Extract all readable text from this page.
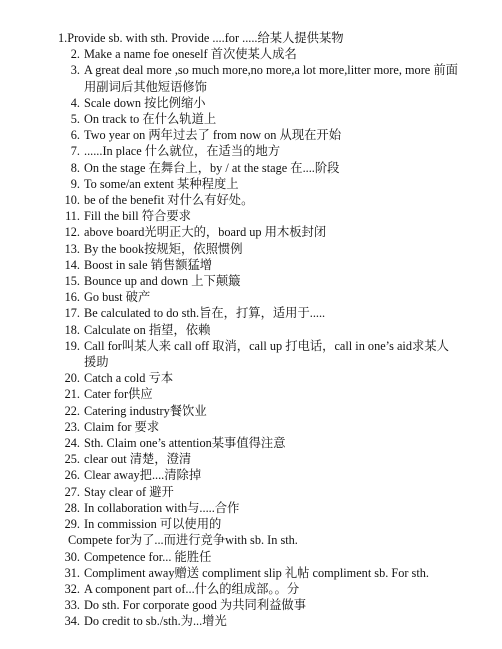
1.Provide sb. with sth. Provide ....for .....给某人提供某物
2. Make a name foe oneself 首次使某人成名
3. A great deal more ,so much more,no more,a lot more,litter more, more 前面用副词后其他短语修饰
4. Scale down 按比例缩小
5. On track to 在什么轨道上
6. Two year on 两年过去了 from now on 从现在开始
7. ......In place 什么就位，在适当的地方
8. On the stage 在舞台上，by / at the stage 在....阶段
9. To some/an extent 某种程度上
10. be of the benefit 对什么有好处。
11. Fill the bill 符合要求
12. above board光明正大的，board up 用木板封闭
13. By the book按规矩，依照惯例
14. Boost in sale 销售额猛增
15. Bounce up and down 上下颠簸
16. Go bust 破产
17. Be calculated to do sth.旨在，打算，适用于.....
18. Calculate on 指望，依赖
19. Call for叫某人来 call off 取消，call up 打电话，call in one’s aid求某人援助
20. Catch a cold 亏本
21. Cater for供应
22. Catering industry餐饮业
23. Claim for 要求
24. Sth. Claim one’s attention某事值得注意
25. clear out 清楚，澄清
26. Clear away把....清除掉
27. Stay clear of 避开
28. In collaboration with与.....合作
29. In commission 可以使用的
Compete for为了...而进行竞争with sb. In sth.
30. Competence for... 能胜任
31. Compliment away赠送 compliment slip 礼帖 compliment sb. For sth.
32. A component part of...什么的组成部。。分
33. Do sth. For corporate good 为共同利益做事
34. Do credit to sb./sth.为...增光
